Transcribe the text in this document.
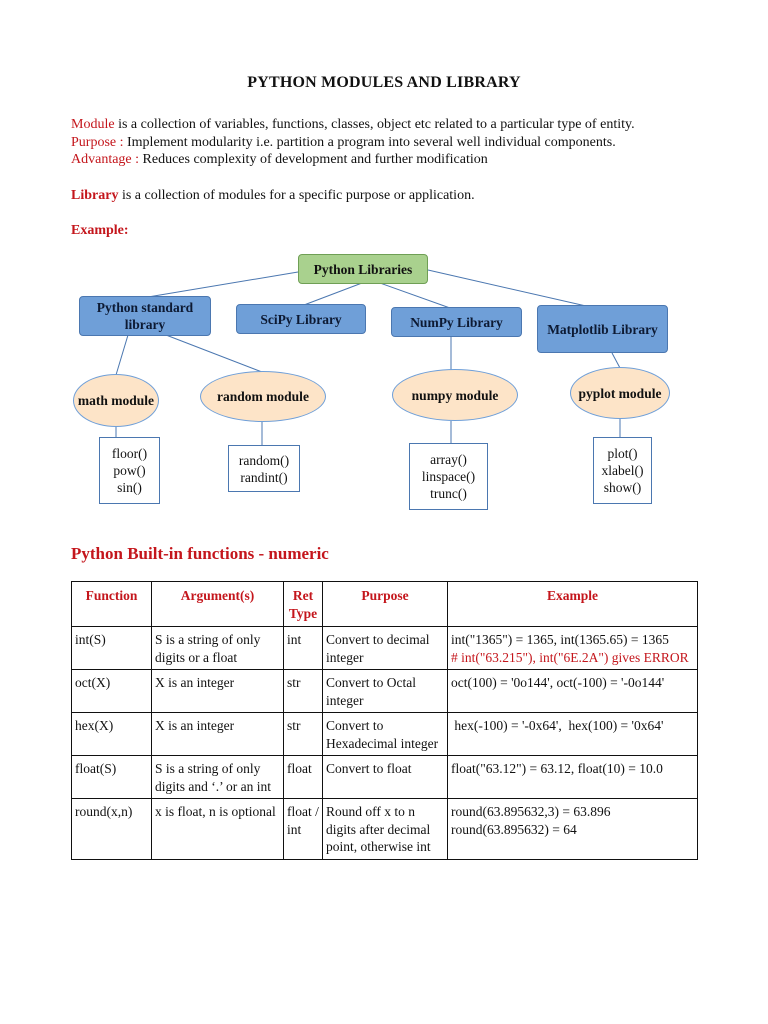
PYTHON MODULES AND LIBRARY
Module is a collection of variables, functions, classes, object etc related to a particular type of entity.
Purpose : Implement modularity i.e. partition a program into several well individual components.
Advantage : Reduces complexity of development and further modification
Library is a collection of modules for a specific purpose or application.
Example:
Python Libraries
Python standard library	SciPy Library	NumPy Library	Matplotlib Library
math module	random module	numpy module	pyplot module
floor()
pow()
sin()
random()
randint()
array()
linspace()
trunc()
plot()
xlabel()
show()
Python Built-in functions - numeric
Function	Argument(s)	Ret Type	Purpose	Example
int(S)	S is a string of only digits or a float	int	Convert to decimal integer	int("1365") = 1365, int(1365.65) = 1365
# int("63.215"), int("6E.2A") gives ERROR

oct(X)	X is an integer	str	Convert to Octal integer	oct(100) = '0o144', oct(-100) = '-0o144'
hex(X)	X is an integer	str	Convert to Hexadecimal integer	hex(-100) = '-0x64',  hex(100) = '0x64'
float(S)	S is a string of only digits and ‘.’ or an int	float	Convert to float	float("63.12") = 63.12, float(10) = 10.0
round(x,n)	x is float, n is optional	float / int	Round off x to n digits after decimal point, otherwise int	round(63.895632,3) = 63.896
round(63.895632) = 64
